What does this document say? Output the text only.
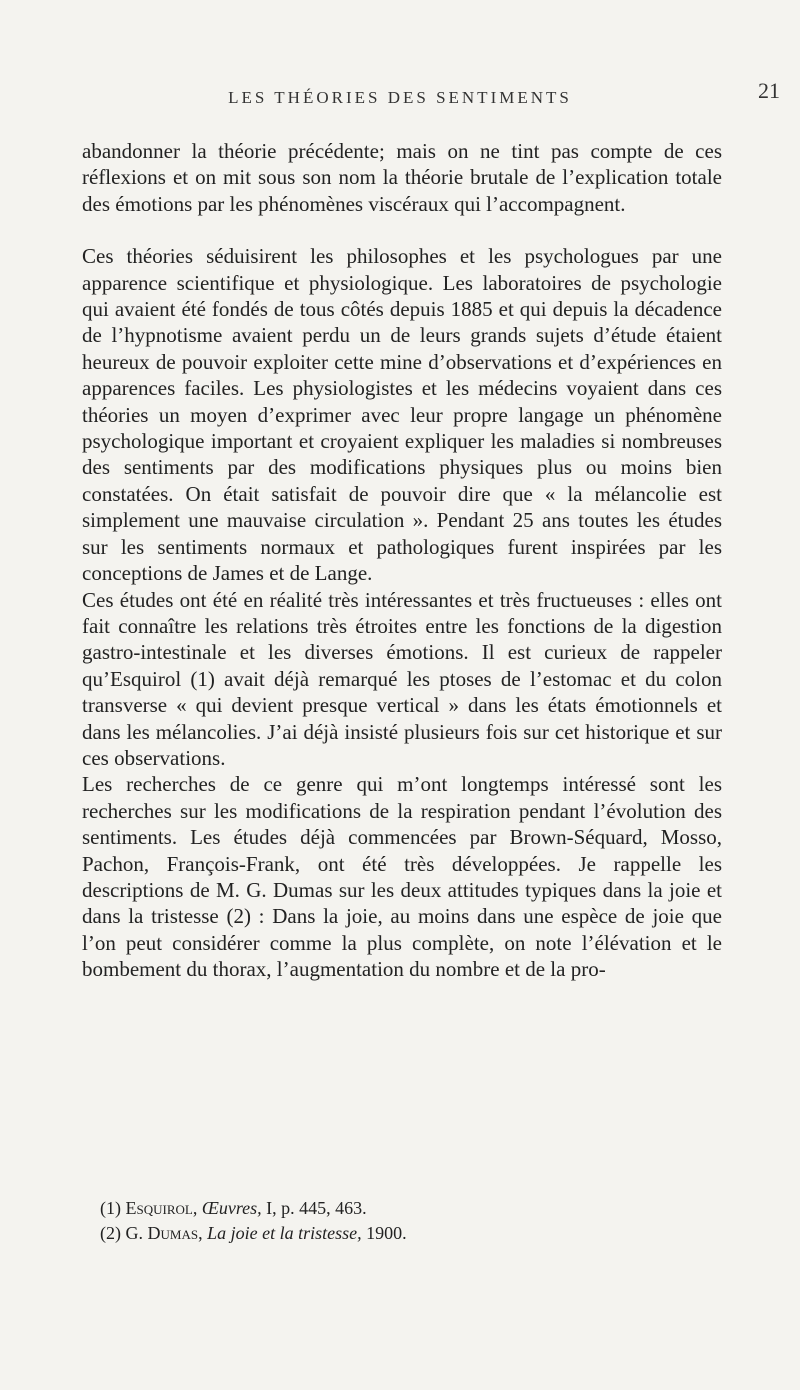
LES THÉORIES DES SENTIMENTS	21

abandonner la théorie précédente; mais on ne tint pas compte de ces réflexions et on mit sous son nom la théorie brutale de l’explication totale des émotions par les phénomènes viscéraux qui l’accompagnent.

Ces théories séduisirent les philosophes et les psychologues par une apparence scientifique et physiologique. Les laboratoires de psychologie qui avaient été fondés de tous côtés depuis 1885 et qui depuis la décadence de l’hypnotisme avaient perdu un de leurs grands sujets d’étude étaient heureux de pouvoir exploiter cette mine d’observations et d’expériences en apparences faciles. Les physiologistes et les médecins voyaient dans ces théories un moyen d’exprimer avec leur propre langage un phénomène psychologique important et croyaient expliquer les maladies si nombreuses des sentiments par des modifications physiques plus ou moins bien constatées. On était satisfait de pouvoir dire que « la mélancolie est simplement une mauvaise circulation ». Pendant 25 ans toutes les études sur les sentiments normaux et pathologiques furent inspirées par les conceptions de James et de Lange.

Ces études ont été en réalité très intéressantes et très fructueuses : elles ont fait connaître les relations très étroites entre les fonctions de la digestion gastro-intestinale et les diverses émotions. Il est curieux de rappeler qu’Esquirol (1) avait déjà remarqué les ptoses de l’estomac et du colon transverse « qui devient presque vertical » dans les états émotionnels et dans les mélancolies. J’ai déjà insisté plusieurs fois sur cet historique et sur ces observations.

Les recherches de ce genre qui m’ont longtemps intéressé sont les recherches sur les modifications de la respiration pendant l’évolution des sentiments. Les études déjà commencées par Brown-Séquard, Mosso, Pachon, François-Frank, ont été très développées. Je rappelle les descriptions de M. G. Dumas sur les deux attitudes typiques dans la joie et dans la tristesse (2) : Dans la joie, au moins dans une espèce de joie que l’on peut considérer comme la plus complète, on note l’élévation et le bombement du thorax, l’augmentation du nombre et de la pro-

(1) Esquirol, Œuvres, I, p. 445, 463.
(2) G. Dumas, La joie et la tristesse, 1900.
